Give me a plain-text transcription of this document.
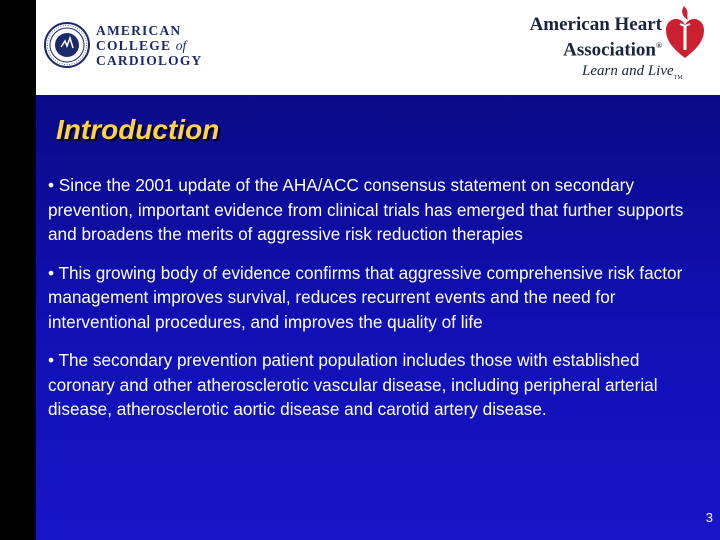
AMERICAN
COLLEGE of
CARDIOLOGY
American Heart
Association®
Learn and Live$_{TM}$
Introduction

• Since the 2001 update of the AHA/ACC consensus statement on secondary prevention, important evidence from clinical trials has emerged that further supports and broadens the merits of aggressive risk reduction therapies

• This growing body of evidence confirms that aggressive comprehensive risk factor management improves survival, reduces recurrent events and the need for interventional procedures, and improves the quality of life

• The secondary prevention patient population includes those with established coronary and other atherosclerotic vascular disease, including peripheral arterial disease, atherosclerotic aortic disease and carotid artery disease.

3
